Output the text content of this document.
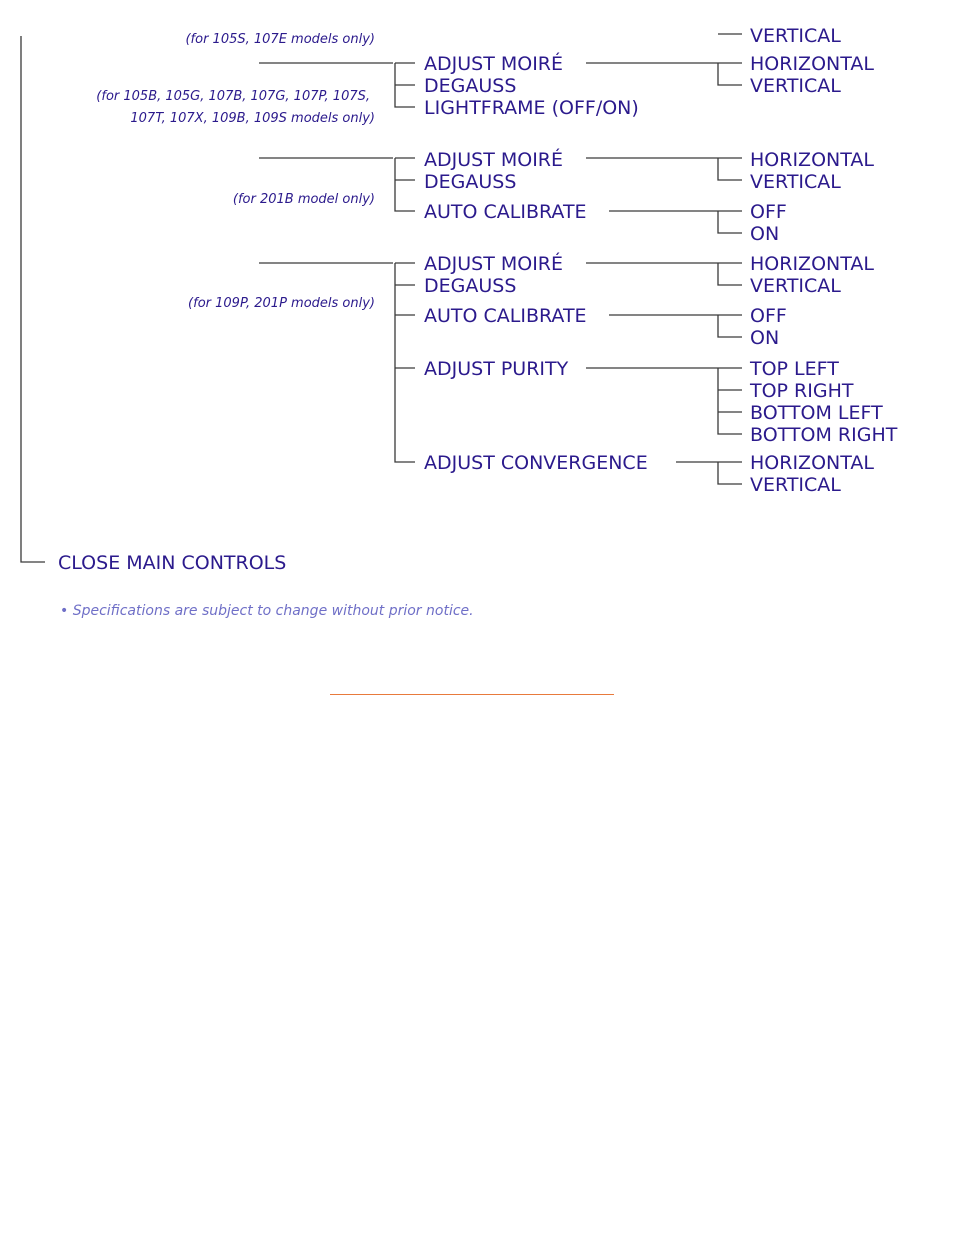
(for 105S, 107E models only)	VERTICAL
(for 105B, 105G, 107B, 107G, 107P, 107S,
107T, 107X, 109B, 109S models only)
ADJUST MOIRÉ
DEGAUSS
LIGHTFRAME (OFF/ON)
HORIZONTAL
VERTICAL
(for 201B model only)
ADJUST MOIRÉ
DEGAUSS
AUTO CALIBRATE
HORIZONTAL
VERTICAL
OFF
ON
(for 109P, 201P models only)
ADJUST MOIRÉ
DEGAUSS
AUTO CALIBRATE
ADJUST PURITY
ADJUST CONVERGENCE
HORIZONTAL
VERTICAL
OFF
ON
TOP LEFT
TOP RIGHT
BOTTOM LEFT
BOTTOM RIGHT
HORIZONTAL
VERTICAL
CLOSE MAIN CONTROLS
• Specifications are subject to change without prior notice.
